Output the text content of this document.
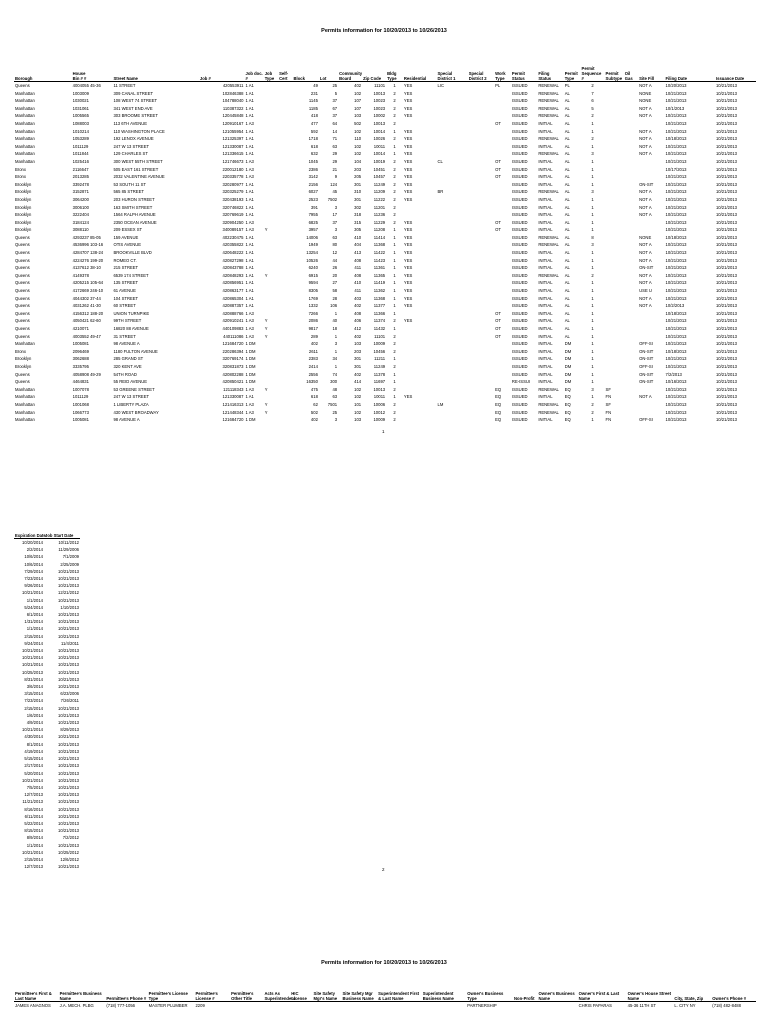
Permits information for 10/20/2013 to 10/26/2013
Borough	House
Bin # #	Street Name	Job #	Job doc. #	Job Type	Self-Cert	Block	Lot	Community Board	Zip Code	Bldg Type	Residential	Special District 1	Special District 2	Work Type	Permit Status	Filing Status	Permit Type	Permit Sequence #	Permit Subtype	Oil Gas	Site Fill	Filing Date	Issuance Date
Queens	4004055 45-36	11 STREET	420553911	1 A1			49	25	402	11101	1	YES	LIC		PL	ISSUED	RENEWAL	PL	2			NOT A	10/20/2013	10/21/2013
Manhattan	1003009	309 CANAL STREET	102846388	1 A1			231	5	102	10013	2	YES				ISSUED	RENEWAL	AL	7			NONE	10/21/2013	10/21/2013
Manhattan	1030021	108 WEST 74 STREET	104788040	1 A1			1145	37	107	10023	2	YES				ISSUED	RENEWAL	AL	6			NONE	10/21/2013	10/21/2013
Manhattan	1031061	341 WEST END AVE	110387322	1 A1			1185	67	107	10023	2	YES				ISSUED	RENEWAL	AL	5			NOT A	10/1/2013	10/21/2013
Manhattan	1005565	303 BROOME STREET	120445848	1 A1			418	37	103	10002	2	YES				ISSUED	RENEWAL	AL	2			NOT A	10/21/2013	10/21/2013
Manhattan	1088003	113 6TH AVENUE	120910167	1 A3			477	64	502	10013	2				OT	ISSUED	INITIAL	AL	1				10/21/2013	10/21/2013
Manhattan	1010214	110 WASHINGTON PLACE	121055954	1 A1			592	14	102	10014	1	YES				ISSUED	INITIAL	AL	1			NOT A	10/21/2013	10/21/2013
Manhattan	1053289	192 LENOX AVENUE	121325397	1 A1			1718	71	110	10026	2	YES				ISSUED	RENEWAL	AL	2			NOT A	10/18/2013	10/21/2013
Manhattan	1011129	247 W 13 STREET	121330087	1 A1			618	63	102	10011	1	YES				ISSUED	INITIAL	AL	1			NOT A	10/21/2013	10/21/2013
Manhattan	1011844	129 CHARLES ST	121336615	1 A1			632	29	102	10014	1	YES				ISSUED	RENEWAL	AL	3			NOT A	10/21/2013	10/21/2013
Manhattan	1025416	300 WEST 55TH STREET	121746673	1 A3			1045	29	104	10019	2	YES	CL		OT	ISSUED	INITIAL	AL	1				10/21/2013	10/21/2013
Bronx	2116647	505 EAST 161 STREET	220012180	1 A3			2386	21	203	10451	2	YES			OT	ISSUED	INITIAL	AL	1				10/17/2013	10/21/2013
Bronx	2013285	2032 VALENTINE AVENUE	220335778	1 A3			3142	9	205	10457	2	YES			OT	ISSUED	INITIAL	AL	1				10/21/2013	10/21/2013
Brooklyn	3392478	53 SOUTH 11 ST	320280977	1 A1			2156	124	301	11249	2	YES				ISSUED	INITIAL	AL	1			ON-SIT	10/21/2013	10/21/2013
Brooklyn	3152871	565 85 STREET	320325279	1 A1			6027	45	310	11209	2	YES	BR			ISSUED	RENEWAL	AL	3			NOT A	10/21/2013	10/21/2013
Brooklyn	3064200	203 HURON STREET	320438193	1 A1			2523	7502	301	11222	2	YES				ISSUED	INITIAL	AL	1			NOT A	10/21/2013	10/21/2013
Brooklyn	3006100	163 SMITH STREET	320746822	1 A1			391	3	302	11201	2					ISSUED	INITIAL	AL	1			NOT A	10/21/2013	10/21/2013
Brooklyn	3222404	1564 RALPH AVENUE	320769619	1 A1			7955	17	318	11236	2					ISSUED	INITIAL	AL	1			NOT A	10/21/2013	10/21/2013
Brooklyn	3184124	2350 OCEAN AVENUE	320904250	1 A3			6825	37	315	11229	2	YES			OT	ISSUED	INITIAL	AL	1				10/21/2013	10/21/2013
Brooklyn	3088110	209 ESSEX ST	340089157	1 A3	Y		3957	3	305	11208	1	YES			OT	ISSUED	INITIAL	AL	1				10/21/2013	10/21/2013
Queens	4293237 85-05	159 AVENUE	402230475	1 A1			14006	63	410	11414	1	YES				ISSUED	RENEWAL	AL	8			NONE	10/18/2013	10/21/2013
Queens	4536996 103-16	OTIS AVENUE	420355822	1 A1			1949	80	404	11368	1	YES				ISSUED	RENEWAL	AL	3			NOT A	10/21/2013	10/21/2013
Queens	4284707 138-24	BROOKVILLE BLVD	420648222	1 A1			13254	12	413	11422	1	YES				ISSUED	INITIAL	AL	1			NOT A	10/21/2013	10/21/2013
Queens	4224276 199-20	ROMEO CT.	420827298	1 A1			10526	44	408	11423	1	YES				ISSUED	INITIAL	AL	1			NOT A	10/21/2013	10/21/2013
Queens	4137612 38-10	215 STREET	420843788	1 A1			6240	26	411	11361	1	YES				ISSUED	INITIAL	AL	1			ON-SIT	10/21/2013	10/21/2013
Queens	4149378	6539 174 STREET	420848293	1 A1	Y		6915	20	408	11365	1	YES				ISSUED	RENEWAL	AL	2			NOT A	10/21/2013	10/21/2013
Queens	4205215 105-64	135 STREET	420856951	1 A1			9594	27	410	11419	1	YES				ISSUED	INITIAL	AL	1			NOT A	10/21/2013	10/21/2013
Queens	4172669 246-10	61 AVENUE	420863177	1 A1			8305	58	411	11362	1	YES				ISSUED	INITIAL	AL	1			USE U	10/21/2013	10/21/2013
Queens	4044302 37-44	104 STREET	420865304	1 A1			1769	28	403	11368	1	YES				ISSUED	INITIAL	AL	1			NOT A	10/21/2013	10/21/2013
Queens	4031262 41-30	60 STREET	420887357	1 A1			1332	106	402	11377	1	YES				ISSUED	INITIAL	AL	1			NOT A	10/2/2013	10/21/2013
Queens	4156312 188-20	UNION TURNPIKE	420888766	1 A3			7266	1	408	11366	1				OT	ISSUED	INITIAL	AL	1				10/18/2013	10/21/2013
Queens	4050421 62-60	99TH STREET	420910241	1 A3	Y		2086	40	406	11374	2	YES			OT	ISSUED	INITIAL	AL	1				10/21/2013	10/21/2013
Queens	4210071	16820 88 AVENUE	440109883	1 A3	Y		9817	18	412	11432	1				OT	ISSUED	INITIAL	AL	1				10/21/2013	10/21/2013
Queens	4003552 49-47	31 STREET	440111086	1 A3	Y		289	1	402	11101	2				OT	ISSUED	INITIAL	AL	1				10/21/2013	10/21/2013
Manhattan	1005081	98 AVENUE A	121684720	1 DM			402	3	103	10009	2					ISSUED	INITIAL	DM	1			OFF-SI	10/21/2013	10/21/2013
Bronx	2096469	1180 FULTON AVENUE	220286394	1 DM			2611	1	203	10456	2					ISSUED	INITIAL	DM	1			ON-SIT	10/18/2013	10/21/2013
Brooklyn	3062688	285 GRAND ST	320769174	1 DM			2383	34	301	11211	1					ISSUED	INITIAL	DM	1			ON-SIT	10/21/2013	10/21/2013
Brooklyn	3335795	320 KENT AVE	320831873	1 DM			2414	1	301	11249	2					ISSUED	INITIAL	DM	1			OFF-SI	10/21/2013	10/21/2013
Queens	4058908 49-29	54TH ROAD	420802288	1 DM			2556	74	402	11378	1					ISSUED	INITIAL	DM	1			ON-SIT	7/2/2013	10/21/2013
Queens	4464831	55 REID AVENUE	420850421	1 DM			16350	300	414	11697	1					RE-ISSUI	INITIAL	DM	1			ON-SIT	10/16/2013	10/21/2013
Manhattan	1007078	53 GREENE STREET	121118343	1 A3	Y		475	48	102	10013	2				EQ	ISSUED	RENEWAL	EQ	3	SF			10/21/2013	10/21/2013
Manhattan	1011129	247 W 13 STREET	121330087	1 A1			618	63	102	10011	1	YES			EQ	ISSUED	INITIAL	EQ	1	FN		NOT A	10/21/2013	10/21/2013
Manhattan	1001068	1 LIBERTY PLAZA	121416313	1 A3	Y		62	7501	101	10006	2		LM		EQ	ISSUED	RENEWAL	EQ	2	SF			10/21/2013	10/21/2013
Manhattan	1066773	430 WEST BROADWAY	121448344	1 A3	Y		502	25	102	10012	2				EQ	ISSUED	RENEWAL	EQ	2	FN			10/21/2013	10/21/2013
Manhattan	1005081	98 AVENUE A	121684720	1 DM			402	3	103	10009	2				EQ	ISSUED	INITIAL	EQ	1	FN		OFF-SI	10/21/2013	10/21/2013
1
Expiration Date	Job Start Date
10/20/2014	10/11/2012
2/2/2014	11/29/2006
10/6/2014	7/1/2009
10/6/2014	2/25/2009
7/29/2014	10/21/2013
7/23/2014	10/21/2013
9/26/2014	10/21/2013
10/21/2014	12/21/2012
1/1/2014	10/21/2013
5/24/2014	1/10/2013
6/1/2014	10/21/2013
1/31/2014	10/21/2013
1/1/2014	10/21/2013
2/15/2014	10/21/2013
9/24/2014	11/4/2011
10/21/2014	10/21/2013
10/21/2014	10/21/2013
10/21/2014	10/21/2013
10/25/2013	10/21/2013
8/31/2014	10/21/2013
3/6/2014	10/21/2013
3/15/2014	6/23/2006
7/23/2014	7/26/2011
2/15/2014	10/21/2013
1/6/2014	10/21/2013
4/9/2014	10/21/2013
10/21/2014	8/29/2013
4/30/2014	10/21/2013
8/1/2014	10/21/2013
4/19/2014	10/21/2013
5/15/2014	10/21/2013
2/17/2014	10/21/2013
5/20/2014	10/21/2013
10/21/2014	10/21/2013
7/5/2014	10/21/2013
12/7/2013	10/21/2013
11/21/2013	10/21/2013
8/16/2014	10/21/2013
6/11/2014	10/21/2013
5/22/2014	10/21/2013
8/15/2014	10/21/2013
8/9/2014	7/2/2012
1/1/2014	10/21/2013
10/21/2014	10/25/2012
2/15/2014	12/6/2012
12/7/2013	10/21/2013
2
Permits information for 10/20/2013 to 10/26/2013
Permittee's First & Last Name	Permittee's Business Name	Permittee's Phone #	Permittee's License Type	Permittee's License #	Permittee's Other Title	Acts As Superintendent	HIC License	Site Safety Mgr's Name	Site Safety Mgr Business Name	Superintendent First & Last Name	Superintendent Business Name	Owner's Business Type	Non-Profit	Owner's Business Name	Owner's First & Last Name	Owner's House Street Name	City, State, Zip	Owner's Phone #
JAMES ANAGNOS	J.A. MECH. PLBG	(718) 777-1056	MASTER PLUMBER	2209								PARTNERSHIP			CHRIS PAPARAS	45-36 11TH ST	L. CITY NY	(718) 482-8488
